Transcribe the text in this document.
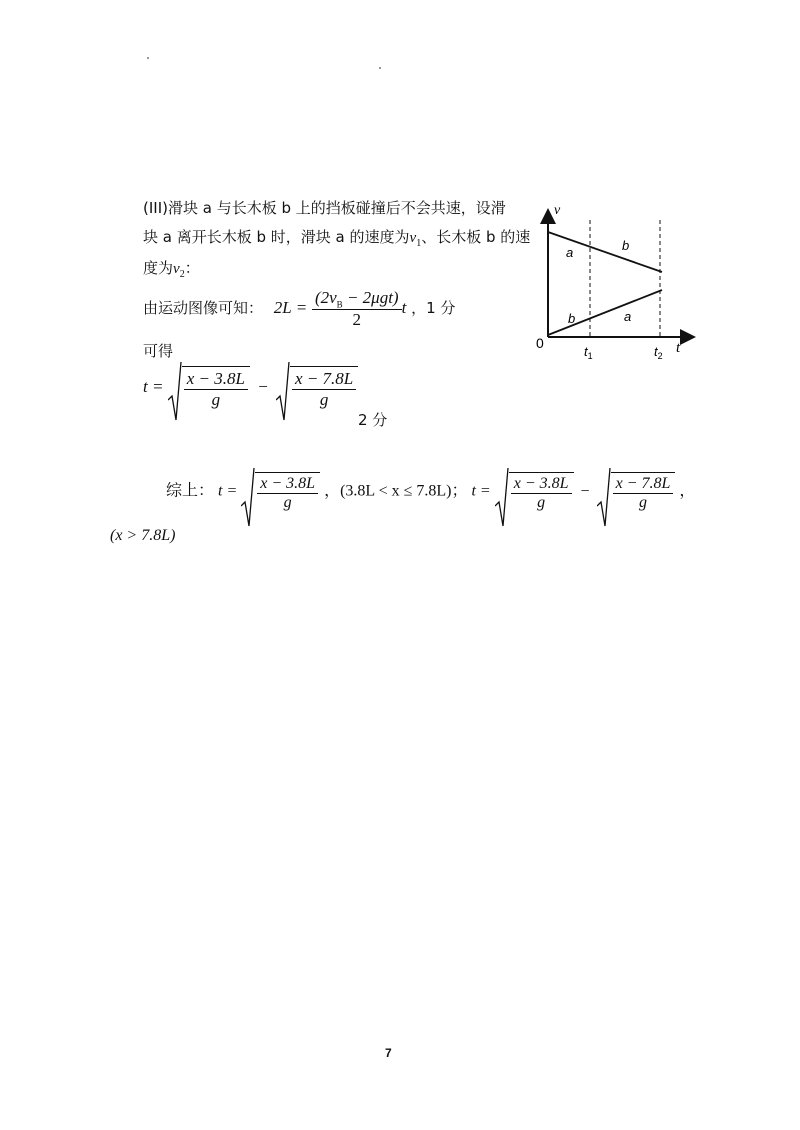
(III)滑块 a 与长木板 b 上的挡板碰撞后不会共速，设滑
块 a 离开长木板 b 时，滑块 a 的速度为$v_1$、长木板 b 的速
度为$v_2$：
由运动图像可知： $2L = \frac{(2v_B - 2\mu gt)}{2}$ t ，1 分
可得
$t = \frac{x - 3.8L}{g} - \frac{x - 7.8L}{g}$
2 分
综上： $t = \frac{x - 3.8L}{g}$ ，(3.8L < x ≤ 7.8L)； $t = \frac{x - 3.8L}{g} - \frac{x - 7.8L}{g}$ ，
(x > 7.8L)
v
t
0
$t_1$	$t_2$
a	b
b	a
7
